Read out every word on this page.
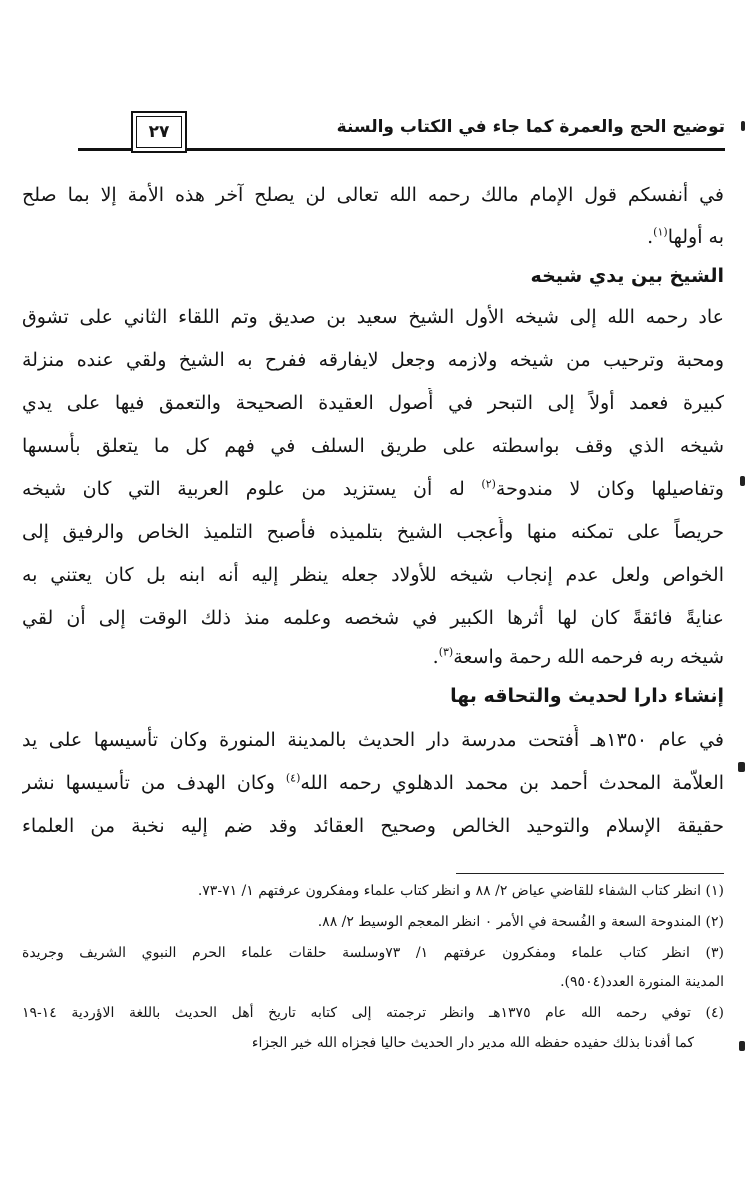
توضيح الحج والعمرة كما جاء في الكتاب والسنة
٢٧
في أنفسكم قول الإمام مالك رحمه الله تعالى لن يصلح آخر هذه الأمة إلا بما صلح
به أولها$^{(١)}$.
الشيخ بين يدي شيخه
عاد رحمه الله إلى شيخه الأول الشيخ سعيد بن صديق وتم اللقاء الثاني على تشوق
ومحبة وترحيب من شيخه ولازمه وجعل لايفارقه ففرح به الشيخ ولقي عنده منزلة
كبيرة فعمد أولاً إلى التبحر في أُصول العقيدة الصحيحة والتعمق فيها على يدي
شيخه الذي وقف بواسطته على طريق السلف في فهم كل ما يتعلق بأُسسها
وتفاصيلها وكان لا مندوحة$^{(٢)}$ له أن يستزيد من علوم العربية التي كان شيخه
حريصاً على تمكنه منها وأُعجب الشيخ بتلميذه فأصبح التلميذ الخاص والرفيق إلى
الخواص ولعل عدم إنجاب شيخه للأولاد جعله ينظر إليه أنه ابنه بل كان يعتني به
عنايةً فائقةً كان لها أثرها الكبير في شخصه وعلمه منذ ذلك الوقت إلى أن لقي
شيخه ربه فرحمه الله رحمة واسعة$^{(٣)}$.
إنشاء دارا لحديث والتحاقه بها
في عام ١٣٥٠هـ أُفتحت مدرسة دار الحديث بالمدينة المنورة وكان تأسيسها على يد
العلاّمة المحدث أحمد بن محمد الدهلوي رحمه الله$^{(٤)}$ وكان الهدف من تأسيسها نشر
حقيقة الإسلام والتوحيد الخالص وصحيح العقائد وقد ضم إليه نخبة من العلماء
(١) انظر كتاب الشفاء للقاضي عياض ٢/ ٨٨ و انظر كتاب علماء ومفكرون عرفتهم ١/ ٧١-٧٣.
(٢) المندوحة السعة و الفُسحة في الأمر ٠ انظر المعجم الوسيط ٢/ ٨٨.
(٣) انظر كتاب علماء ومفكرون عرفتهم ١/ ٧٣وسلسة حلقات علماء الحرم النبوي الشريف وجريدة
المدينة المنورة العدد(٩٥٠٤).
(٤) توفي رحمه الله عام ١٣٧٥هـ وانظر ترجمته إلى كتابه تاريخ أهل الحديث باللغة الاؤردية ١٤-١٩
كما أفدنا بذلك حفيده حفظه الله مدير دار الحديث حاليا فجزاه الله خير الجزاء
